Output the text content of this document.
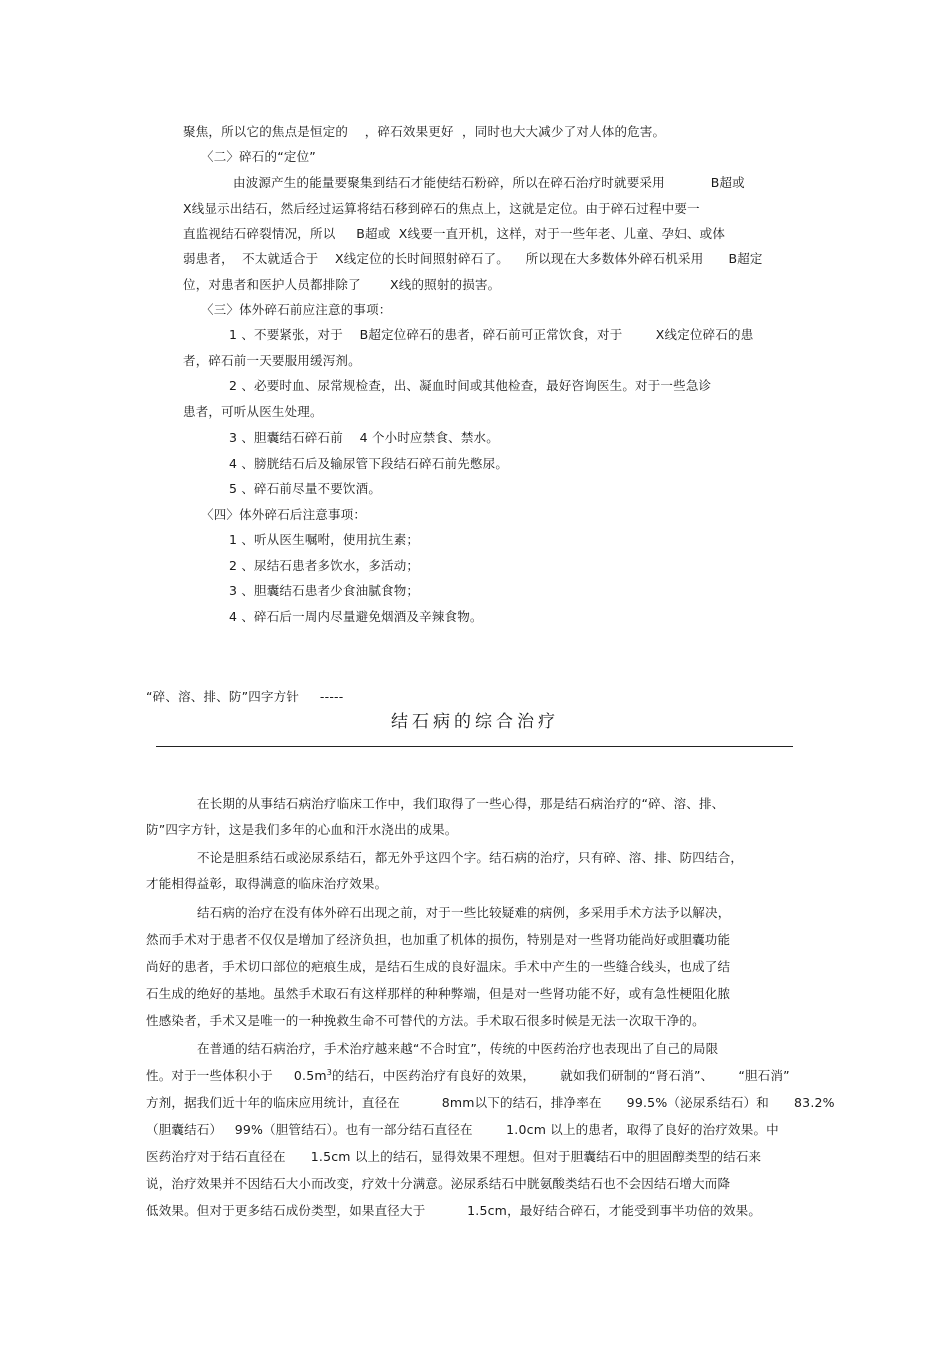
聚焦，所以它的焦点是恒定的    ，碎石效果更好  ，同时也大大减少了对人体的危害。
〈二〉碎石的“定位”
由波源产生的能量要聚集到结石才能使结石粉碎，所以在碎石治疗时就要采用           B超或
X线显示出结石，然后经过运算将结石移到碎石的焦点上，这就是定位。由于碎石过程中要一
直监视结石碎裂情况，所以     B超或  X线要一直开机，这样，对于一些年老、儿童、孕妇、或体
弱患者，  不太就适合于    X线定位的长时间照射碎石了。    所以现在大多数体外碎石机采用      B超定
位，对患者和医护人员都排除了       X线的照射的损害。
〈三〉体外碎石前应注意的事项：
1 、不要紧张，对于    B超定位碎石的患者，碎石前可正常饮食，对于        X线定位碎石的患
者，碎石前一天要服用缓泻剂。
2 、必要时血、尿常规检查，出、凝血时间或其他检查，最好咨询医生。对于一些急诊
患者，可听从医生处理。
3 、胆囊结石碎石前    4 个小时应禁食、禁水。
4 、膀胱结石后及输尿管下段结石碎石前先憋尿。
5 、碎石前尽量不要饮酒。
〈四〉体外碎石后注意事项：
1 、听从医生嘱咐，使用抗生素；
2 、尿结石患者多饮水，多活动；
3 、胆囊结石患者少食油腻食物；
4 、碎石后一周内尽量避免烟酒及辛辣食物。
“碎、溶、排、防”四字方针     -----
结石病的综合治疗
在长期的从事结石病治疗临床工作中，我们取得了一些心得，那是结石病治疗的“碎、溶、排、
防”四字方针，这是我们多年的心血和汗水浇出的成果。
不论是胆系结石或泌尿系结石，都无外乎这四个字。结石病的治疗，只有碎、溶、排、防四结合，
才能相得益彰，取得满意的临床治疗效果。
结石病的治疗在没有体外碎石出现之前，对于一些比较疑难的病例，多采用手术方法予以解决，
然而手术对于患者不仅仅是增加了经济负担，也加重了机体的损伤，特别是对一些肾功能尚好或胆囊功能
尚好的患者，手术切口部位的疤痕生成，是结石生成的良好温床。手术中产生的一些缝合线头，也成了结
石生成的绝好的基地。虽然手术取石有这样那样的种种弊端，但是对一些肾功能不好，或有急性梗阻化脓
性感染者，手术又是唯一的一种挽救生命不可替代的方法。手术取石很多时候是无法一次取干净的。
在普通的结石病治疗，手术治疗越来越“不合时宜”，传统的中医药治疗也表现出了自己的局限
性。对于一些体积小于     $0.5m^3$的结石，中医药治疗有良好的效果，      就如我们研制的“肾石消”、      “胆石消”
方剂，据我们近十年的临床应用统计，直径在          8mm以下的结石，排净率在      99.5%（泌尿系结石）和      83.2%
（胆囊结石）   99%（胆管结石）。也有一部分结石直径在        1.0cm 以上的患者，取得了良好的治疗效果。中
医药治疗对于结石直径在      1.5cm 以上的结石，显得效果不理想。但对于胆囊结石中的胆固醇类型的结石来
说，治疗效果并不因结石大小而改变，疗效十分满意。泌尿系结石中胱氨酸类结石也不会因结石增大而降
低效果。但对于更多结石成份类型，如果直径大于          1.5cm，最好结合碎石，才能受到事半功倍的效果。
